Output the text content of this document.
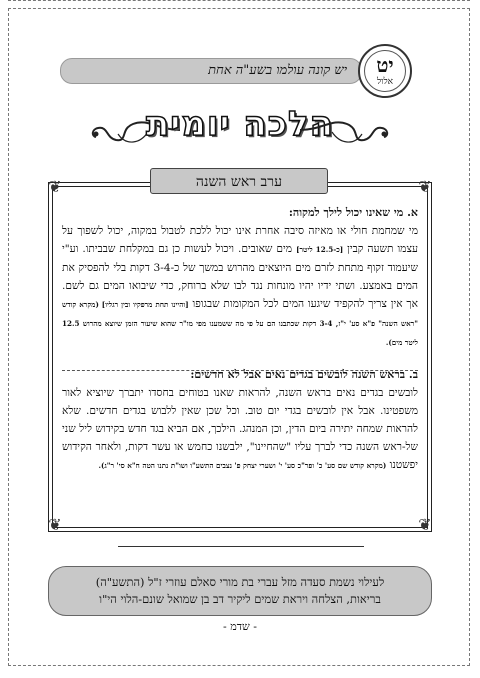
יש קונה עולמו בשע"ה אחת	יט
אלול
הלכה יומית
❦	❦
❦	❦
ערב ראש השנה

א. מי שאינו יכול לילך למקוה:
מי שמחמת חולי או מאיזה סיבה אחרת אינו יכול ללכת לטבול במקוה, יכול לשפוך על עצמו תשעה קבין [כ-12.5 ליטר] מים שאובים. ויכול לעשות כן גם במקלחת שבביתו. וע"י שיעמוד זקוף מתחת לזרם מים היוצאים מהרוש במשך של כ-3-4 דקות בלי להפסיק את המים באמצע. ושתי ידיו יהיו מונחות נגד לבו שלא ברוחק, כדי שיבואו המים גם לשם. אך אין צריך להקפיד שיגעו המים לכל המקומות שבגופו [והיינו תחת מרפקיו ובין רגליו] (מקרא קודש "ראש השנה" פ"א סע' י"ז, 3-4 דקות שכתבנו הם על פי מה ששמענו מפי מו"ר שהוא שיעור הזמן שיוצא מהרוש 12.5 ליטר מים).

ב. בראש השנה לובשים בגדים נאים אבל לא חדשים:
לובשים בגדים נאים בראש השנה, להראות שאנו בטוחים בחסדו יתברך שיוציא לאור משפטינו. אבל אין לובשים בגדי יום טוב. וכל שכן שאין ללבוש בגדים חדשים. שלא להראות שמחה יתירה ביום הדין, וכן המנהג. הילכך, אם הביא בגד חדש בקידוש ליל שני של-ראש השנה כדי לברך עליו "שהחיינו", ילבשנו כחמש או עשר דקות, ולאחר הקידוש יפשטנו (מקרא קודש שם סע' כ' ופר"כ סע' י' ושערי יצחק פ' נצבים התשע"ו ושו"ת נתנו הטה ח"א סי' ר"ג).

לעילוי נשמת סעדה מזל עברי בת מורי סאלם עוזרי ז"ל (התשע"ה)
בריאות, הצלחה ויראת שמים ליקיר דב בן שמואל שונם-הלוי הי"ו
- שדמ -
